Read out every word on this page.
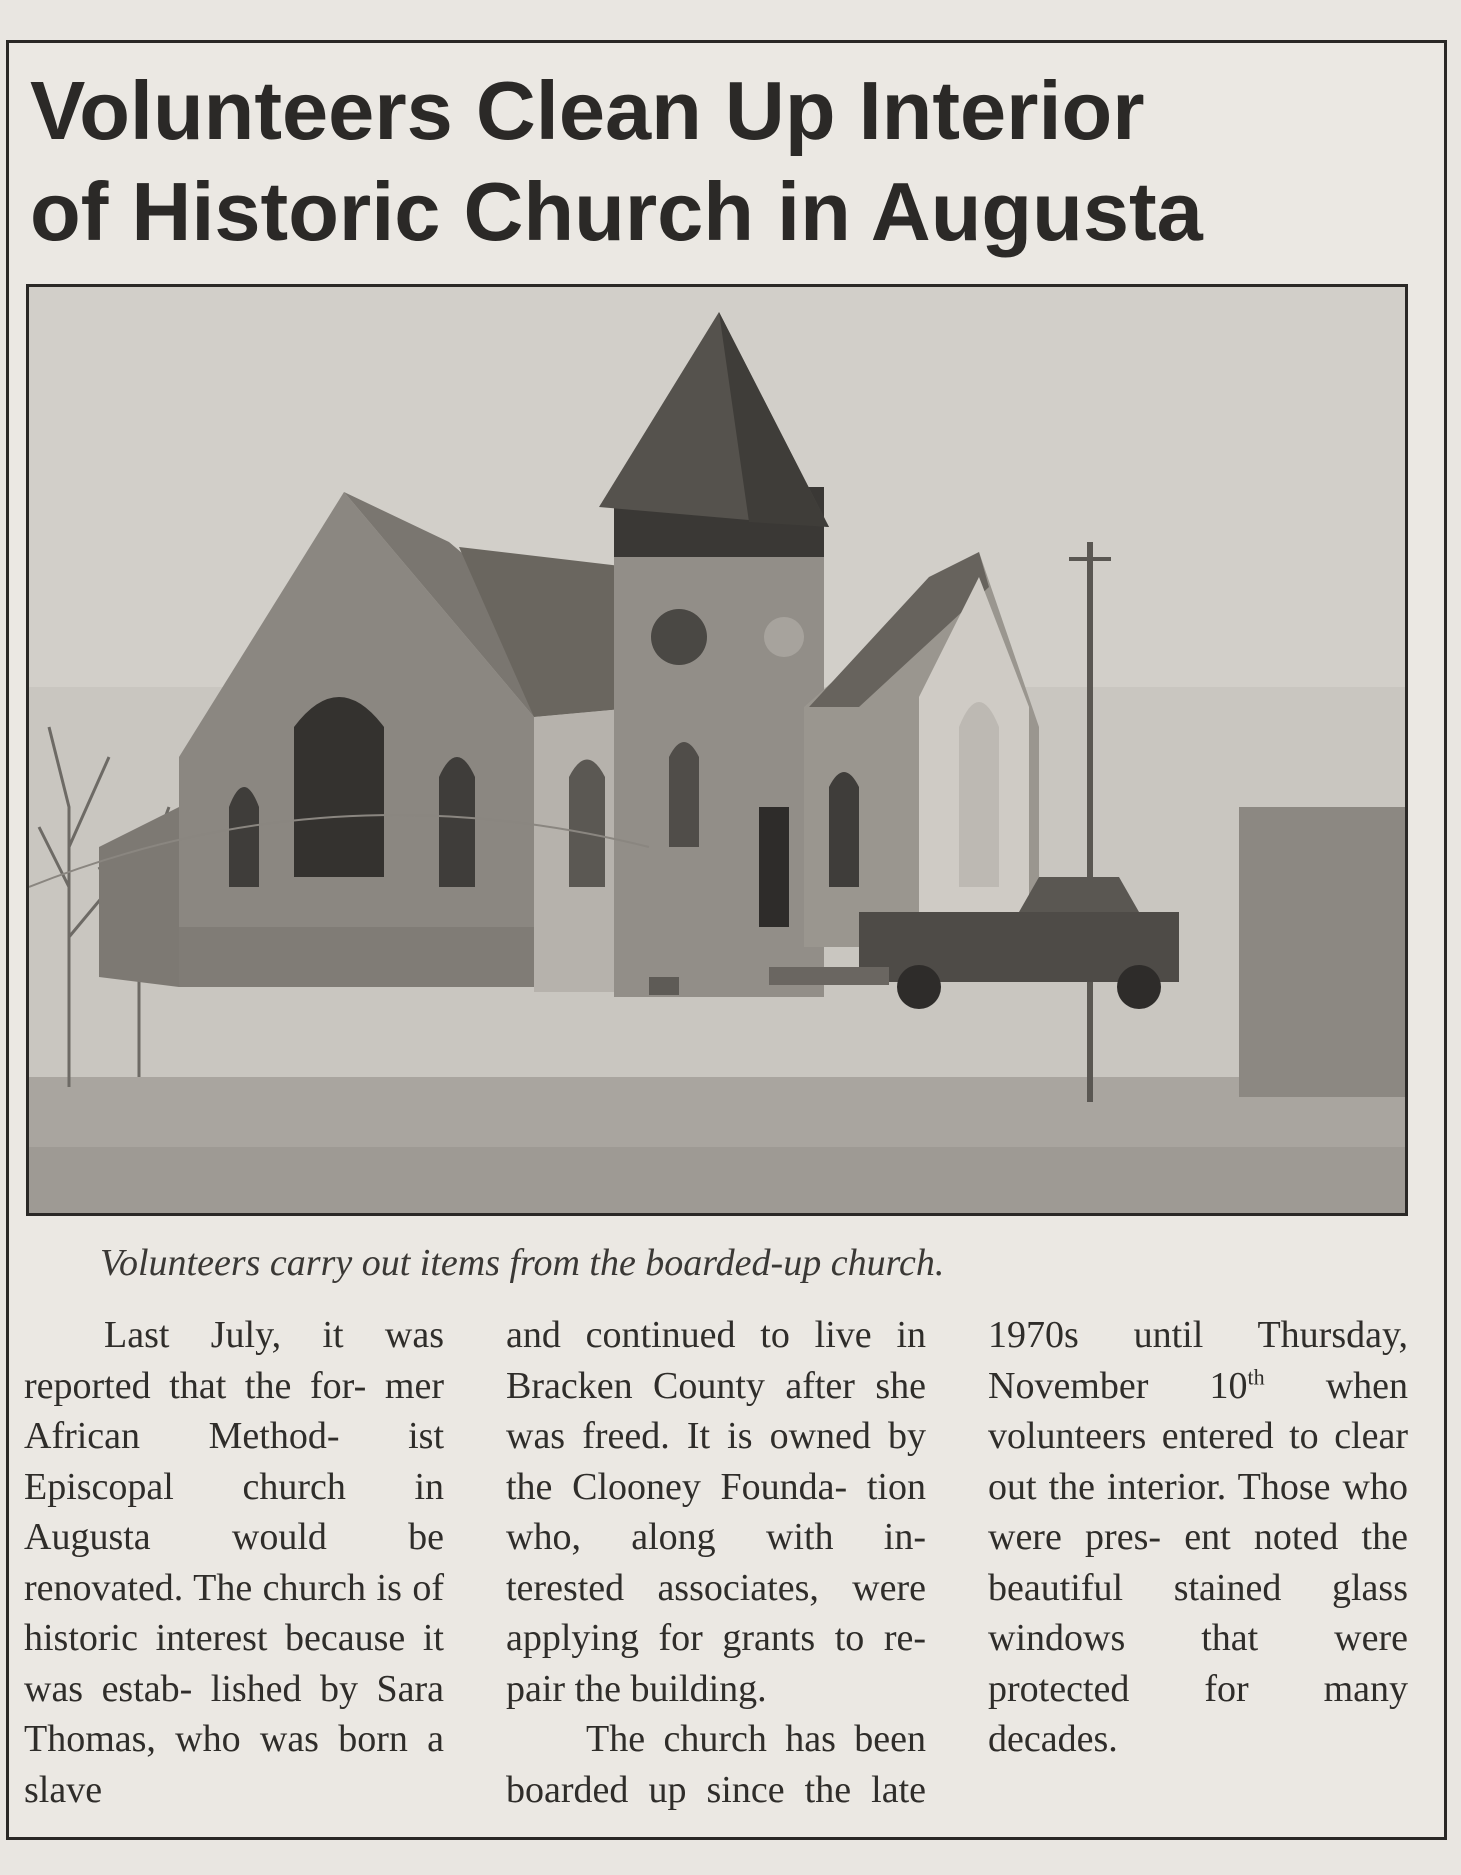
Volunteers Clean Up Interior
of Historic Church in Augusta

Volunteers carry out items from the boarded-up church.

Last July, it was reported that the for- mer African Method- ist Episcopal church in Augusta would be renovated. The church is of historic interest because it was estab- lished by Sara Thomas, who was born a slave

and continued to live in Bracken County after she was freed. It is owned by the Clooney Founda- tion who, along with in- terested associates, were applying for grants to re- pair the building.

The church has been boarded up since the late

1970s until Thursday, November 10th when volunteers entered to clear out the interior. Those who were pres- ent noted the beautiful stained glass windows that were protected for many decades.
